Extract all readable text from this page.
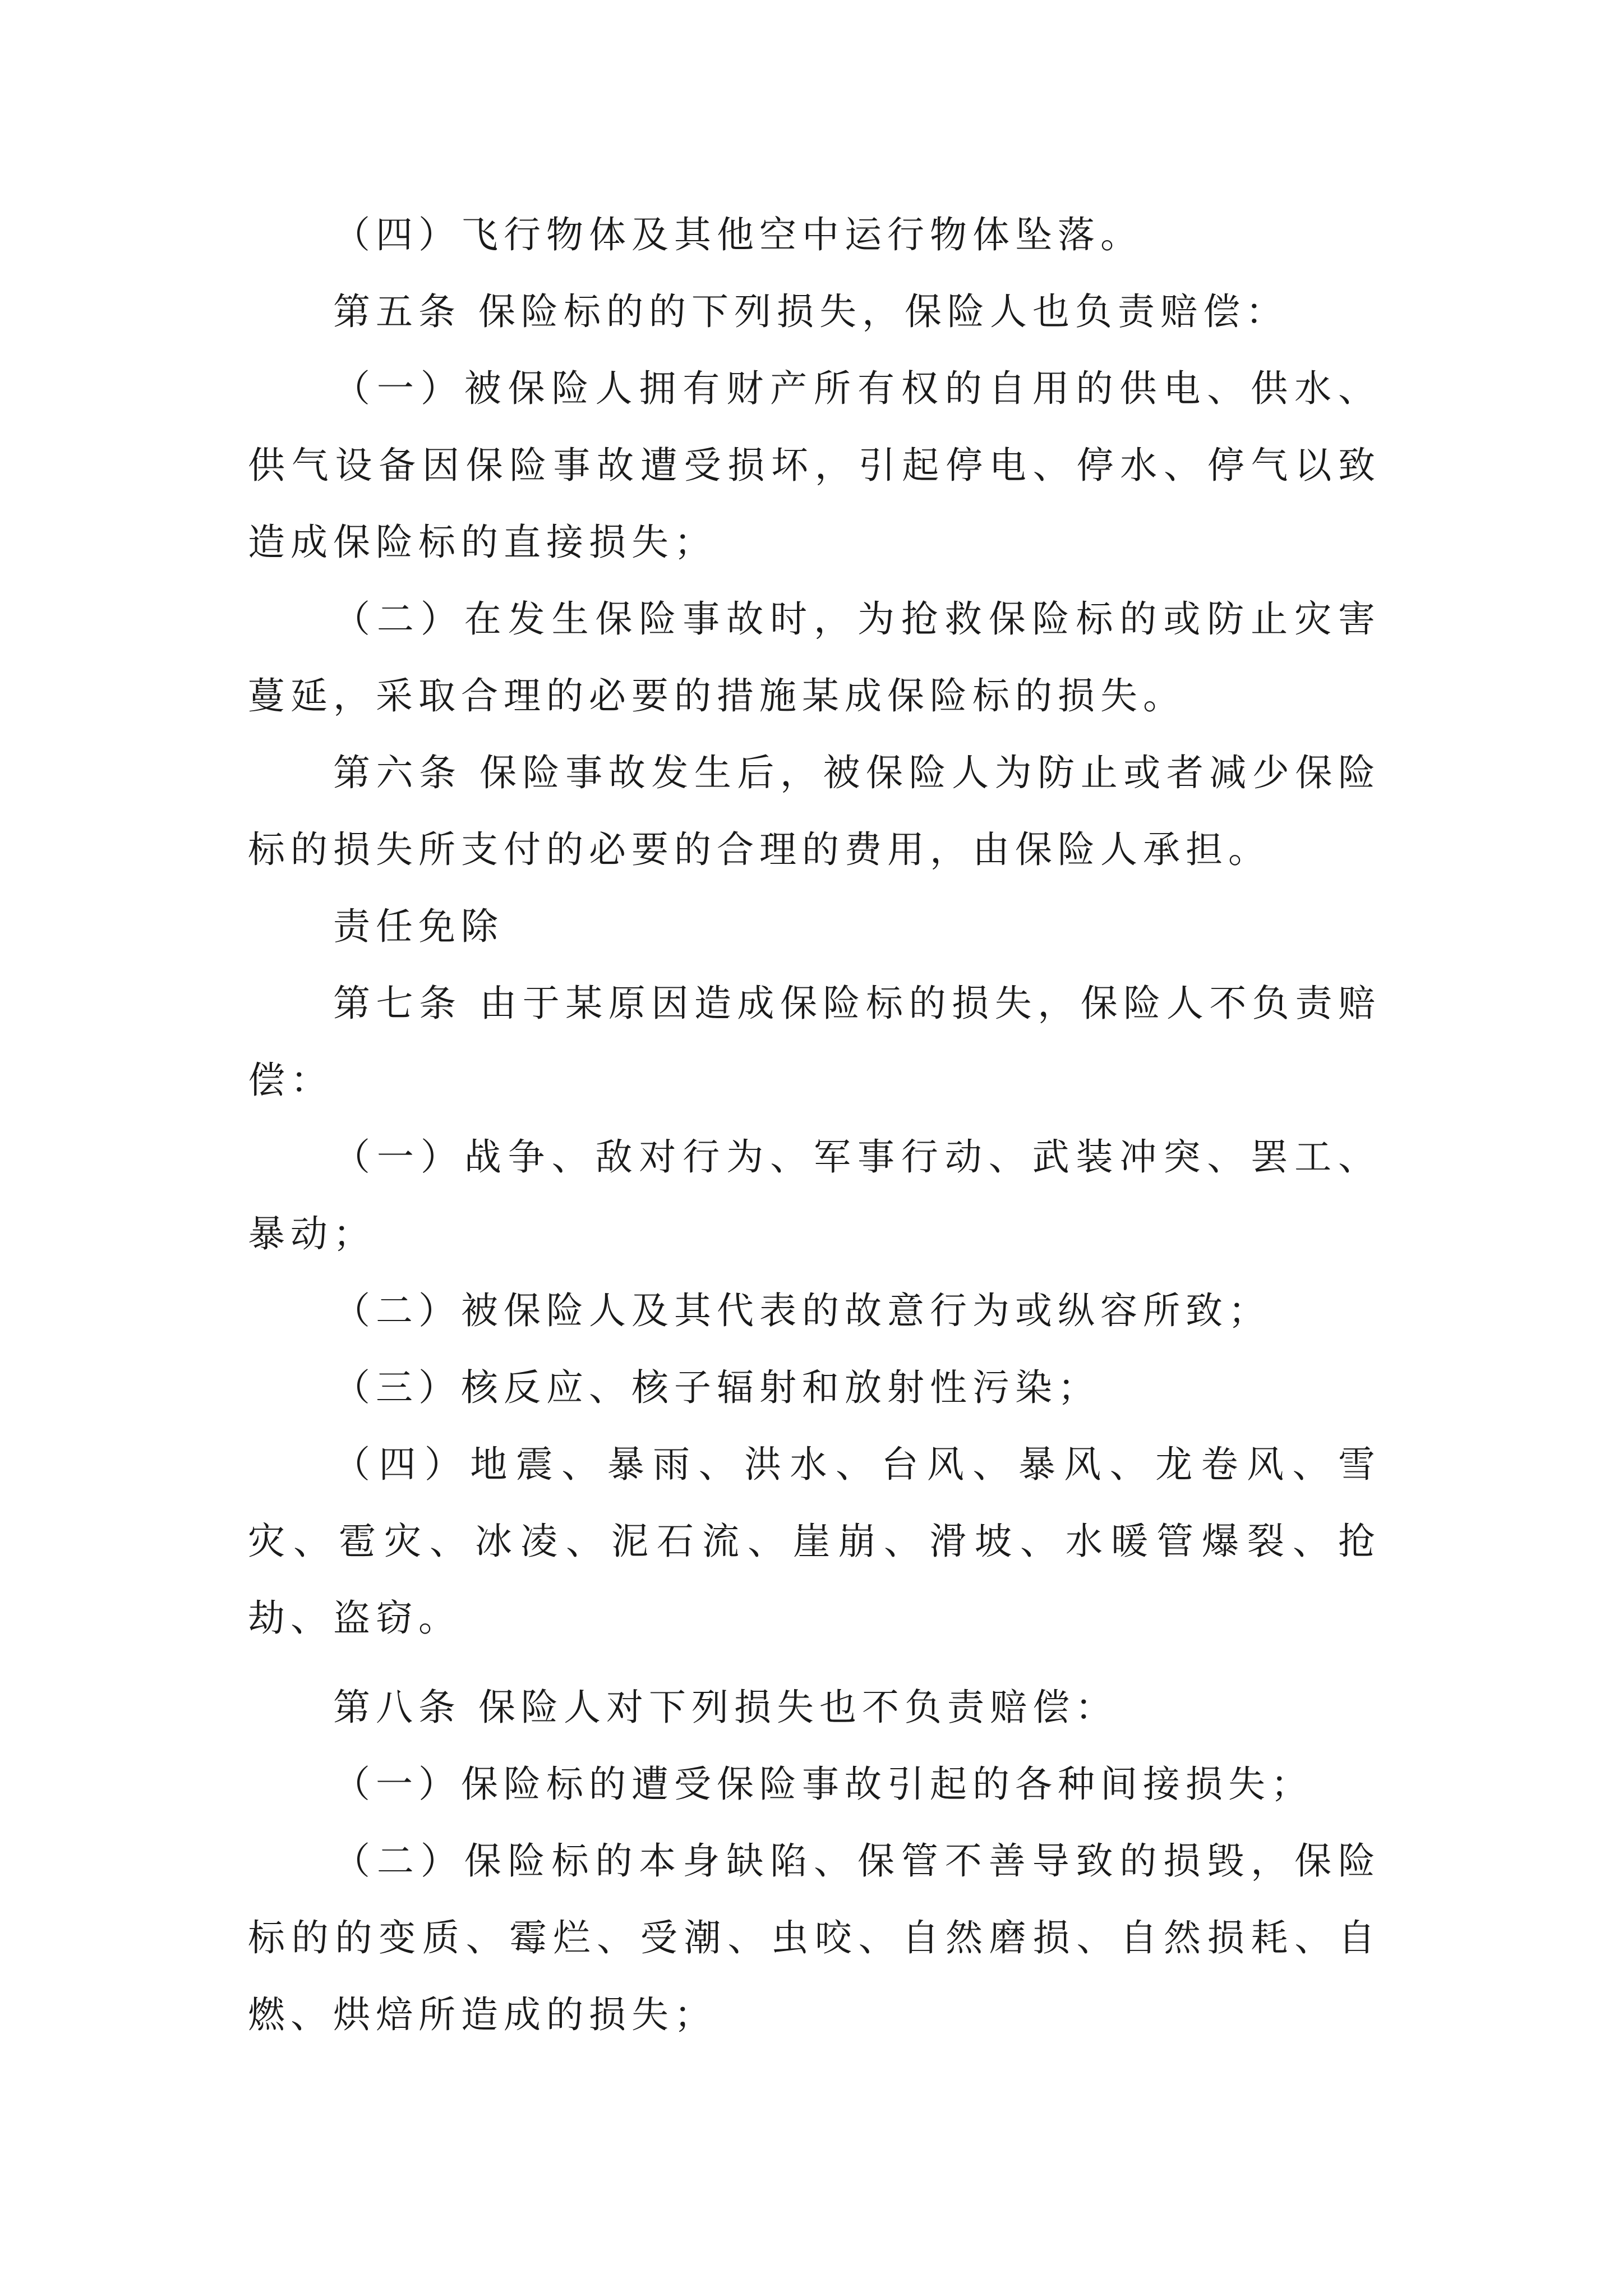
（四）飞行物体及其他空中运行物体坠落。

第五条 保险标的的下列损失，保险人也负责赔偿：

（一）被保险人拥有财产所有权的自用的供电、供水、供气设备因保险事故遭受损坏，引起停电、停水、停气以致造成保险标的直接损失；

（二）在发生保险事故时，为抢救保险标的或防止灾害蔓延，采取合理的必要的措施某成保险标的损失。

第六条 保险事故发生后，被保险人为防止或者减少保险标的损失所支付的必要的合理的费用，由保险人承担。

责任免除

第七条 由于某原因造成保险标的损失，保险人不负责赔偿：

（一）战争、敌对行为、军事行动、武装冲突、罢工、暴动；

（二）被保险人及其代表的故意行为或纵容所致；

（三）核反应、核子辐射和放射性污染；

（四）地震、暴雨、洪水、台风、暴风、龙卷风、雪灾、雹灾、冰凌、泥石流、崖崩、滑坡、水暖管爆裂、抢劫、盗窃。

第八条 保险人对下列损失也不负责赔偿：

（一）保险标的遭受保险事故引起的各种间接损失；

（二）保险标的本身缺陷、保管不善导致的损毁，保险标的的变质、霉烂、受潮、虫咬、自然磨损、自然损耗、自燃、烘焙所造成的损失；
